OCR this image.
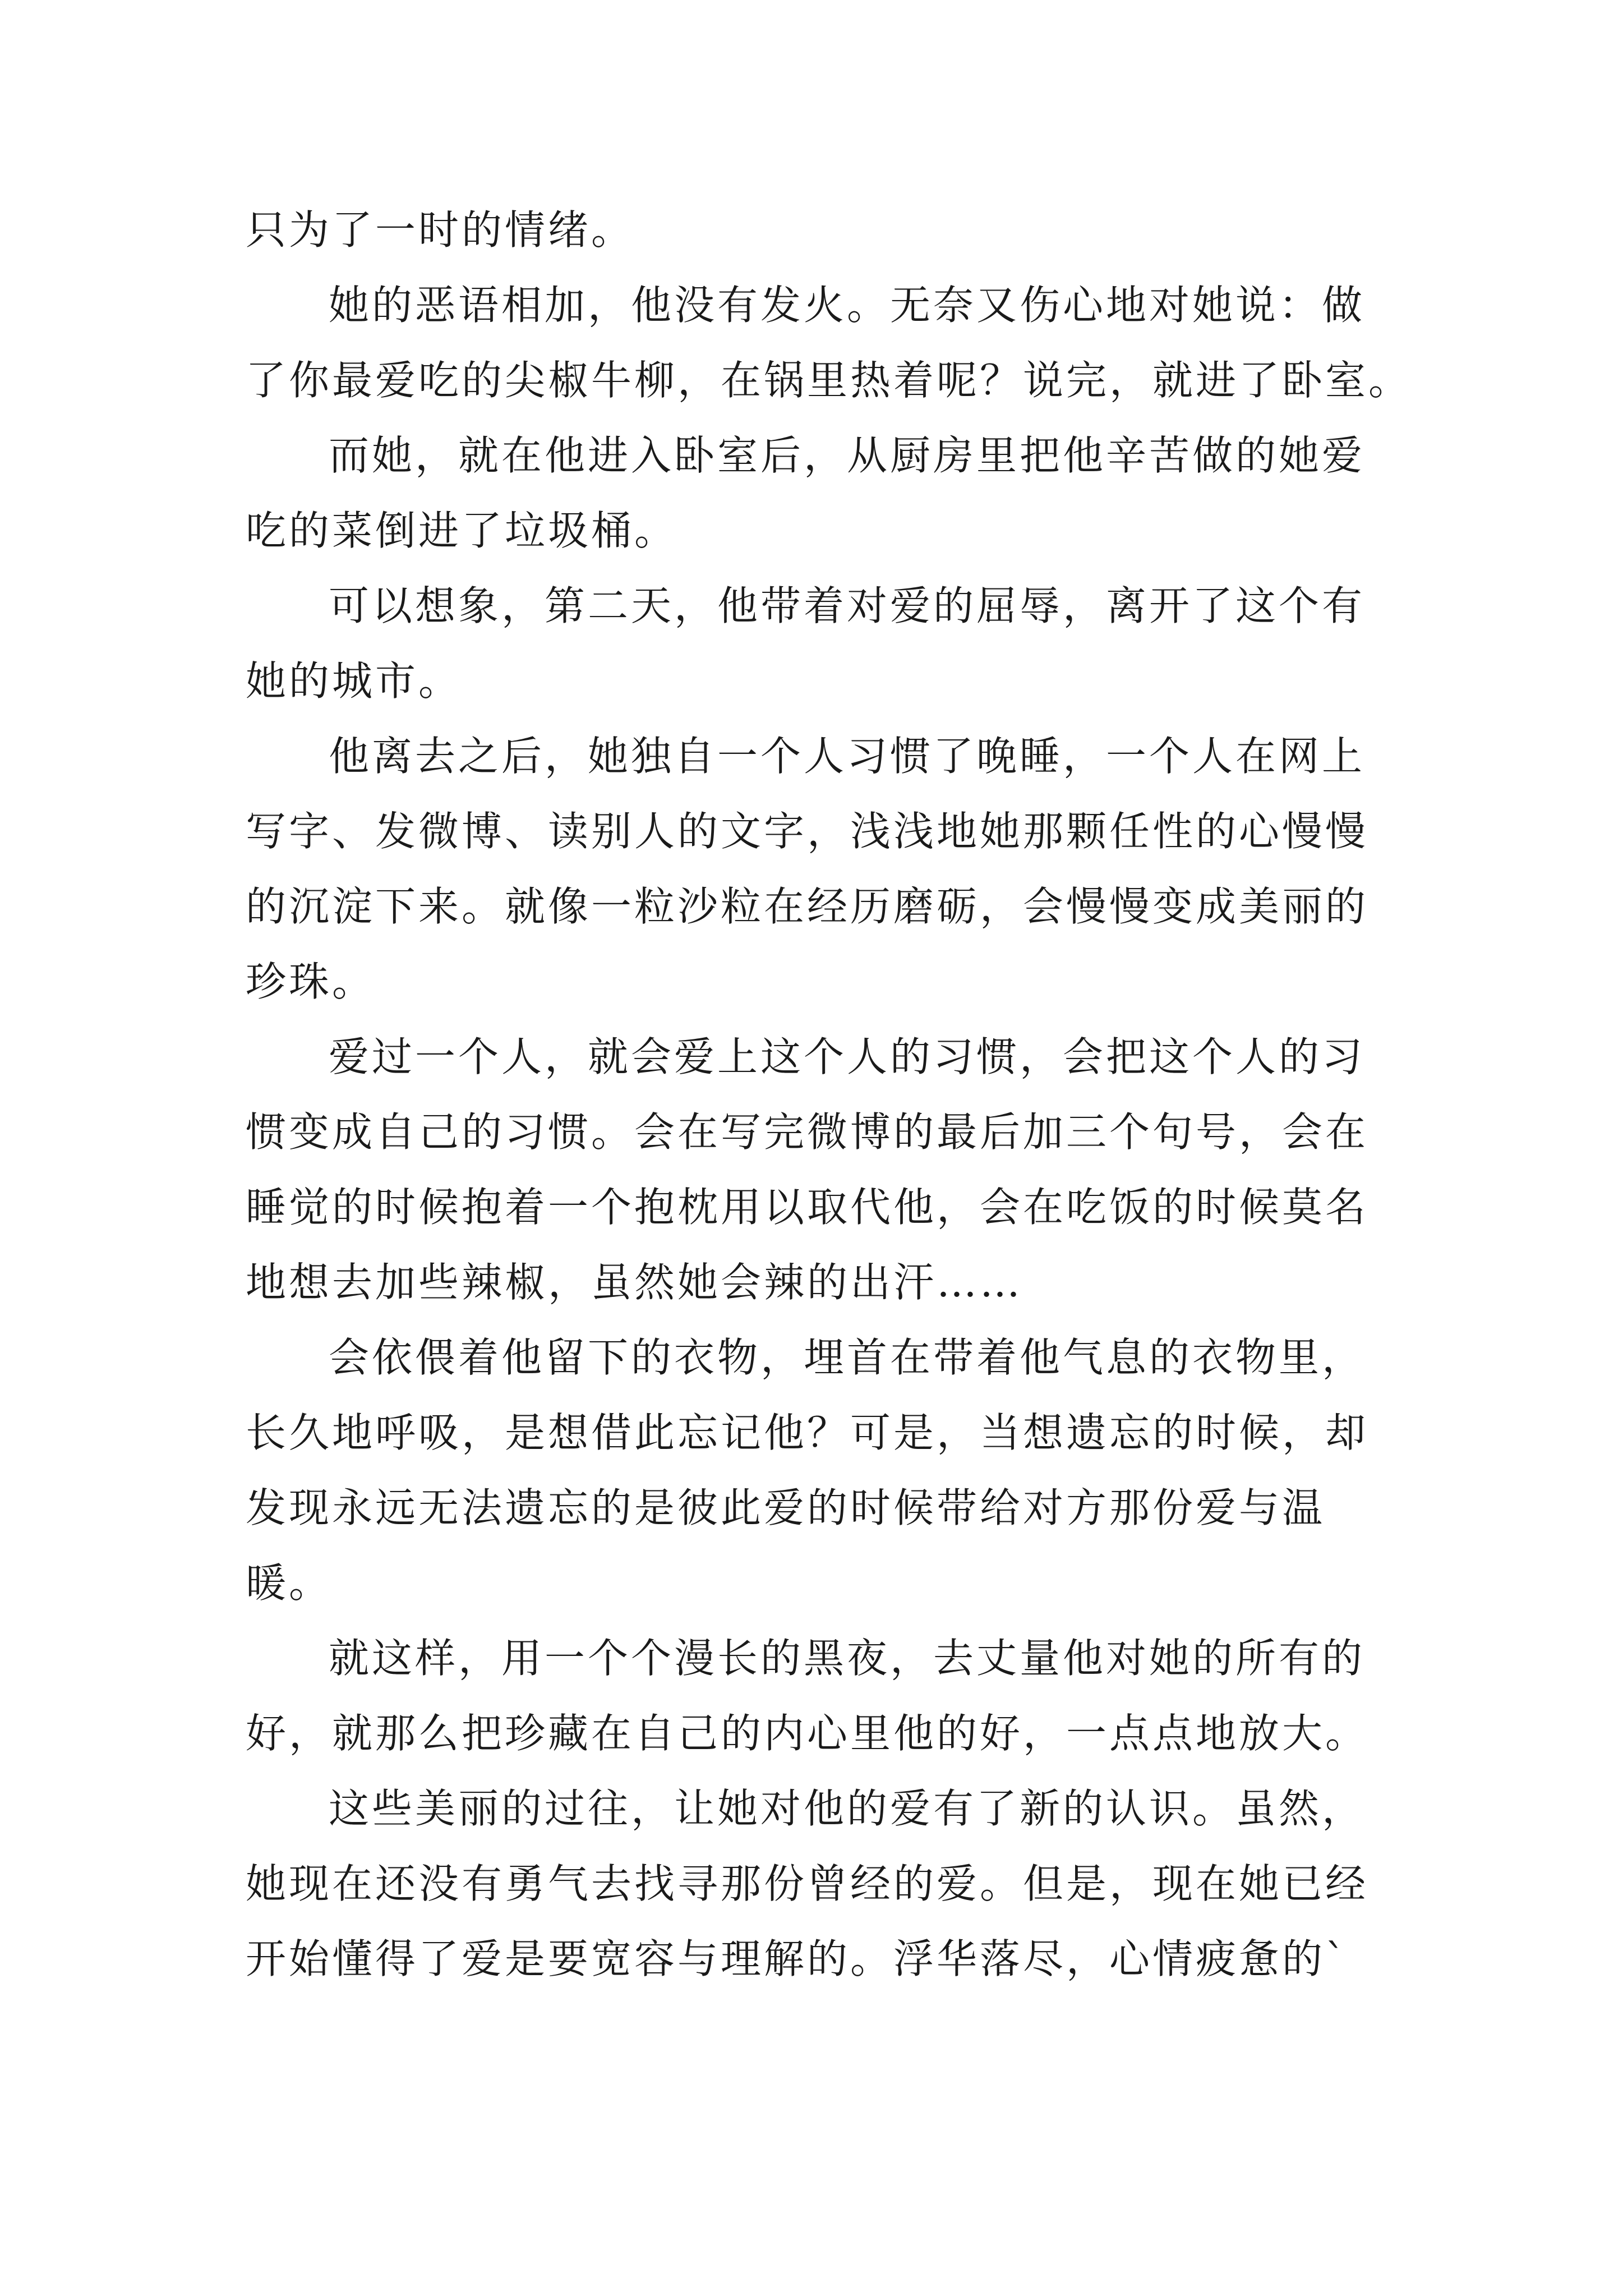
只为了一时的情绪。
她的恶语相加，他没有发火。无奈又伤心地对她说：做
了你最爱吃的尖椒牛柳，在锅里热着呢？说完，就进了卧室。
而她，就在他进入卧室后，从厨房里把他辛苦做的她爱
吃的菜倒进了垃圾桶。
可以想象，第二天，他带着对爱的屈辱，离开了这个有
她的城市。
他离去之后，她独自一个人习惯了晚睡，一个人在网上
写字、发微博、读别人的文字，浅浅地她那颗任性的心慢慢
的沉淀下来。就像一粒沙粒在经历磨砺，会慢慢变成美丽的
珍珠。
爱过一个人，就会爱上这个人的习惯，会把这个人的习
惯变成自己的习惯。会在写完微博的最后加三个句号，会在
睡觉的时候抱着一个抱枕用以取代他，会在吃饭的时候莫名
地想去加些辣椒，虽然她会辣的出汗……
会依偎着他留下的衣物，埋首在带着他气息的衣物里，
长久地呼吸，是想借此忘记他？可是，当想遗忘的时候，却
发现永远无法遗忘的是彼此爱的时候带给对方那份爱与温
暖。
就这样，用一个个漫长的黑夜，去丈量他对她的所有的
好，就那么把珍藏在自己的内心里他的好，一点点地放大。
这些美丽的过往，让她对他的爱有了新的认识。虽然，
她现在还没有勇气去找寻那份曾经的爱。但是，现在她已经
开始懂得了爱是要宽容与理解的。浮华落尽，心情疲惫的`
